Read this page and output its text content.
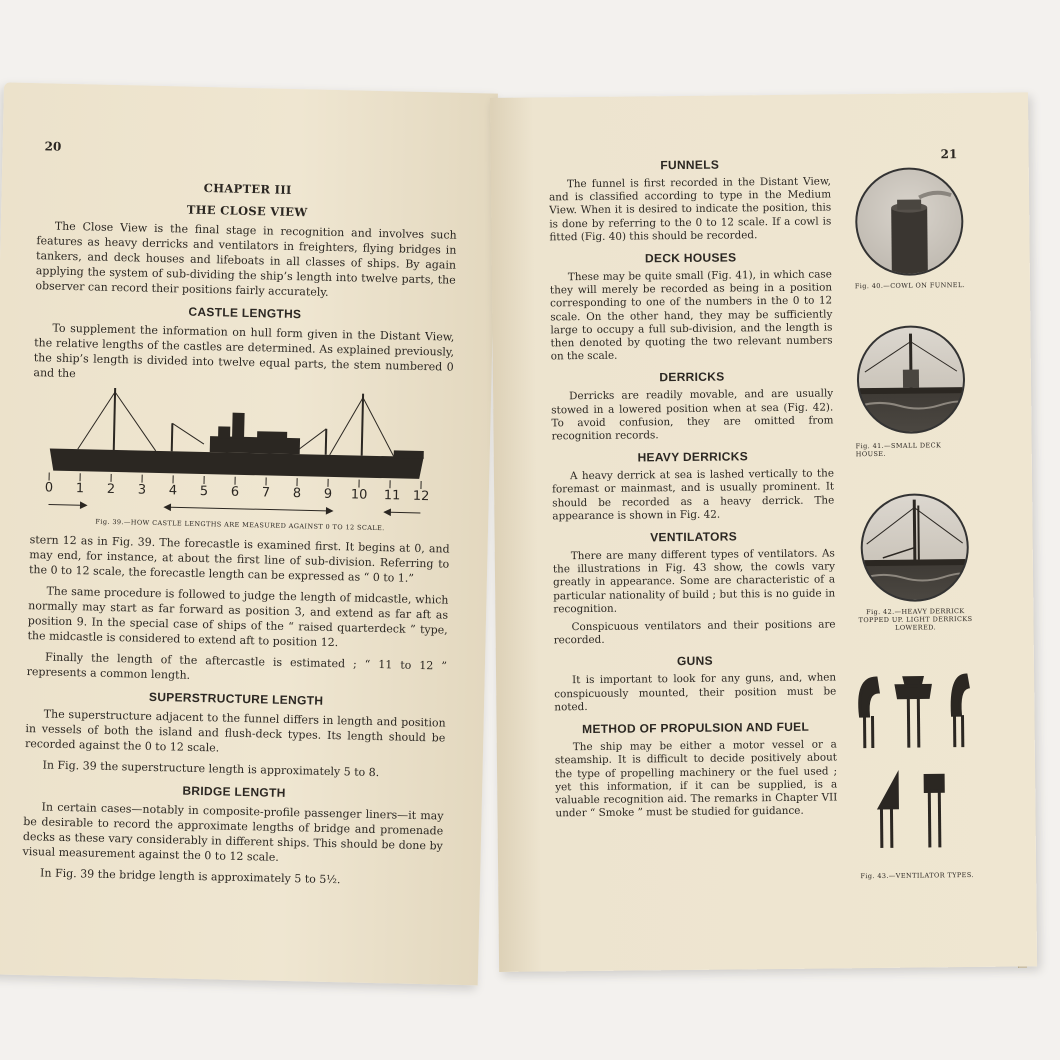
20
CHAPTER III
THE CLOSE VIEW

The Close View is the final stage in recognition and involves such features as heavy derricks and ventilators in freighters, flying bridges in tankers, and deck houses and lifeboats in all classes of ships. By again applying the system of sub-dividing the ship’s length into twelve parts, the observer can record their positions fairly accurately.

CASTLE LENGTHS

To supplement the information on hull form given in the Distant View, the relative lengths of the castles are determined. As explained previously, the ship’s length is divided into twelve equal parts, the stem numbered 0 and the

0 1 2 3 4 5 6 7 8 9 10 11 12
Fig. 39.—HOW CASTLE LENGTHS ARE MEASURED AGAINST 0 TO 12 SCALE.

stern 12 as in Fig. 39. The forecastle is examined first. It begins at 0, and may end, for instance, at about the first line of sub-division. Referring to the 0 to 12 scale, the forecastle length can be expressed as “ 0 to 1.”

The same procedure is followed to judge the length of midcastle, which normally may start as far forward as position 3, and extend as far aft as position 9. In the special case of ships of the “ raised quarterdeck ” type, the midcastle is considered to extend aft to position 12.

Finally the length of the aftercastle is estimated ; “ 11 to 12 ” represents a common length.

SUPERSTRUCTURE LENGTH

The superstructure adjacent to the funnel differs in length and position in vessels of both the island and flush-deck types. Its length should be recorded against the 0 to 12 scale.

In Fig. 39 the superstructure length is approximately 5 to 8.

BRIDGE LENGTH

In certain cases—notably in composite-profile passenger liners—it may be desirable to record the approximate lengths of bridge and promenade decks as these vary considerably in different ships. This should be done by visual measurement against the 0 to 12 scale.

In Fig. 39 the bridge length is approximately 5 to 5½.

21
FUNNELS

The funnel is first recorded in the Distant View, and is classified according to type in the Medium View. When it is desired to indicate the position, this is done by referring to the 0 to 12 scale. If a cowl is fitted (Fig. 40) this should be recorded.

DECK HOUSES

These may be quite small (Fig. 41), in which case they will merely be recorded as being in a position corresponding to one of the numbers in the 0 to 12 scale. On the other hand, they may be sufficiently large to occupy a full sub-division, and the length is then denoted by quoting the two relevant numbers on the scale.

DERRICKS

Derricks are readily movable, and are usually stowed in a lowered position when at sea (Fig. 42). To avoid confusion, they are omitted from recognition records.

HEAVY DERRICKS

A heavy derrick at sea is lashed vertically to the foremast or mainmast, and is usually prominent. It should be recorded as a heavy derrick. The appearance is shown in Fig. 42.

VENTILATORS

There are many different types of ventilators. As the illustrations in Fig. 43 show, the cowls vary greatly in appearance. Some are characteristic of a particular nationality of build ; but this is no guide in recognition.

Conspicuous ventilators and their positions are recorded.

GUNS

It is important to look for any guns, and, when conspicuously mounted, their position must be noted.

METHOD OF PROPULSION AND FUEL

The ship may be either a motor vessel or a steamship. It is difficult to decide positively about the type of propelling machinery or the fuel used ; yet this information, if it can be supplied, is a valuable recognition aid. The remarks in Chapter VII under “ Smoke ” must be studied for guidance.

Fig. 40.—COWL ON FUNNEL.
Fig. 41.—SMALL DECK HOUSE.
Fig. 42.—HEAVY DERRICK TOPPED UP. LIGHT DERRICKS LOWERED.
Fig. 43.—VENTILATOR TYPES.
